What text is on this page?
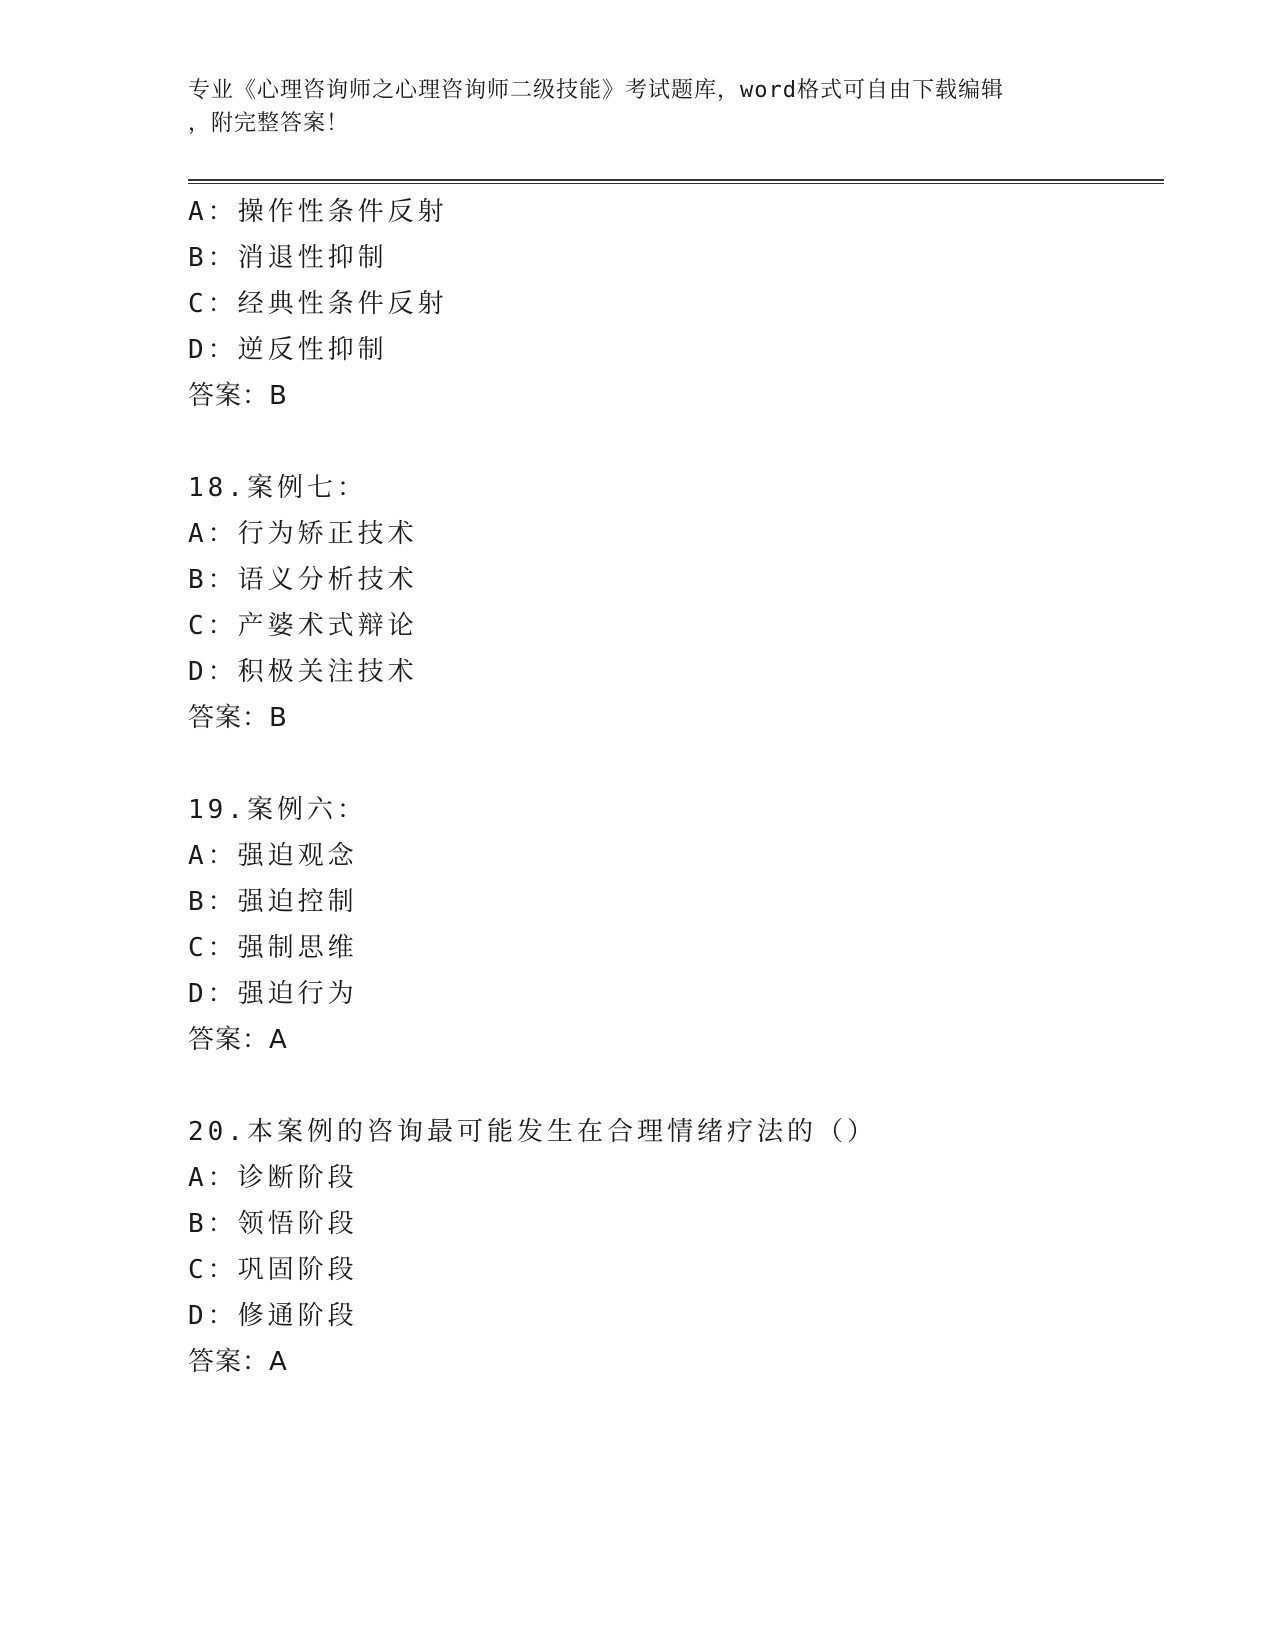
专业《心理咨询师之心理咨询师二级技能》考试题库，word格式可自由下载编辑
，附完整答案！
A：操作性条件反射
B：消退性抑制
C：经典性条件反射
D：逆反性抑制
答案：B
18.案例七：
A：行为矫正技术
B：语义分析技术
C：产婆术式辩论
D：积极关注技术
答案：B
19.案例六：
A：强迫观念
B：强迫控制
C：强制思维
D：强迫行为
答案：A
20.本案例的咨询最可能发生在合理情绪疗法的（）
A：诊断阶段
B：领悟阶段
C：巩固阶段
D：修通阶段
答案：A
